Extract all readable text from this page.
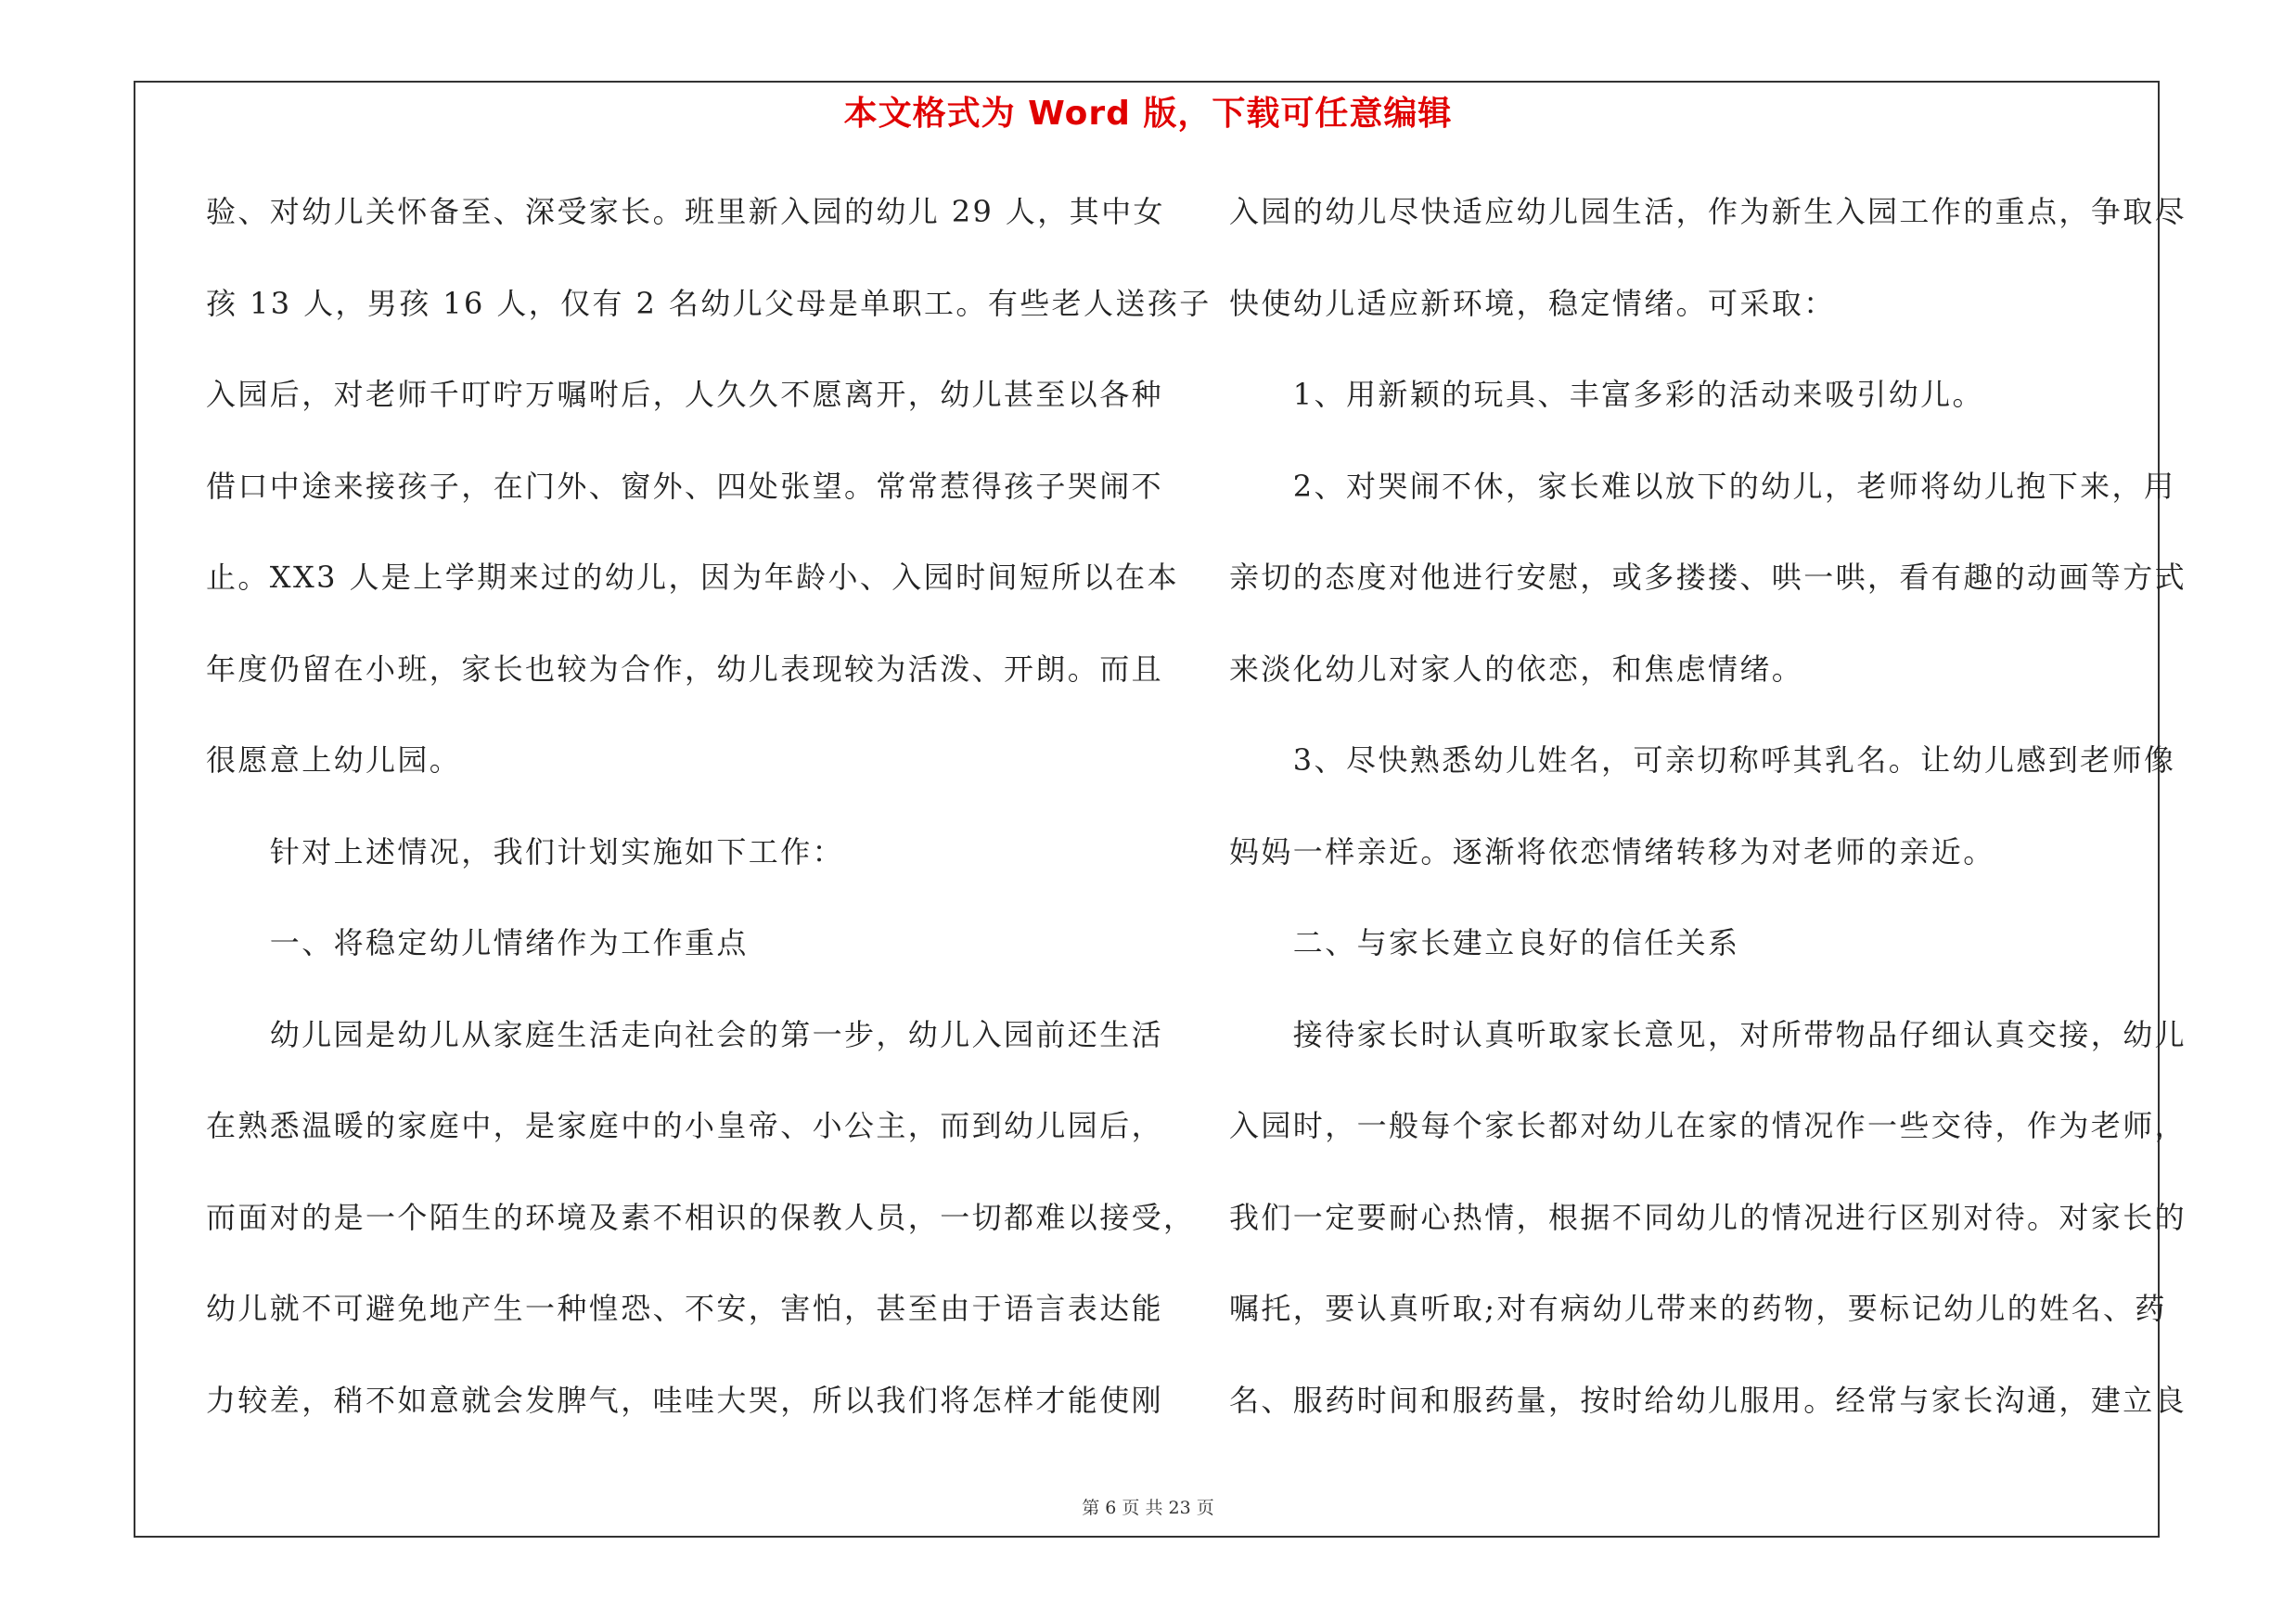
本文格式为 Word 版，下载可任意编辑
验、对幼儿关怀备至、深受家长。班里新入园的幼儿 29 人，其中女
孩 13 人，男孩 16 人，仅有 2 名幼儿父母是单职工。有些老人送孩子
入园后，对老师千叮咛万嘱咐后，人久久不愿离开，幼儿甚至以各种
借口中途来接孩子，在门外、窗外、四处张望。常常惹得孩子哭闹不
止。XX3 人是上学期来过的幼儿，因为年龄小、入园时间短所以在本
年度仍留在小班，家长也较为合作，幼儿表现较为活泼、开朗。而且
很愿意上幼儿园。
　　针对上述情况，我们计划实施如下工作：
　　一、将稳定幼儿情绪作为工作重点
　　幼儿园是幼儿从家庭生活走向社会的第一步，幼儿入园前还生活
在熟悉温暖的家庭中，是家庭中的小皇帝、小公主，而到幼儿园后，
而面对的是一个陌生的环境及素不相识的保教人员，一切都难以接受，
幼儿就不可避免地产生一种惶恐、不安，害怕，甚至由于语言表达能
力较差，稍不如意就会发脾气，哇哇大哭，所以我们将怎样才能使刚
入园的幼儿尽快适应幼儿园生活，作为新生入园工作的重点，争取尽
快使幼儿适应新环境，稳定情绪。可采取：
　　1、用新颖的玩具、丰富多彩的活动来吸引幼儿。
　　2、对哭闹不休，家长难以放下的幼儿，老师将幼儿抱下来，用
亲切的态度对他进行安慰，或多搂搂、哄一哄，看有趣的动画等方式
来淡化幼儿对家人的依恋，和焦虑情绪。
　　3、尽快熟悉幼儿姓名，可亲切称呼其乳名。让幼儿感到老师像
妈妈一样亲近。逐渐将依恋情绪转移为对老师的亲近。
　　二、与家长建立良好的信任关系
　　接待家长时认真听取家长意见，对所带物品仔细认真交接，幼儿
入园时，一般每个家长都对幼儿在家的情况作一些交待，作为老师，
我们一定要耐心热情，根据不同幼儿的情况进行区别对待。对家长的
嘱托，要认真听取;对有病幼儿带来的药物，要标记幼儿的姓名、药
名、服药时间和服药量，按时给幼儿服用。经常与家长沟通，建立良
第 6 页 共 23 页
